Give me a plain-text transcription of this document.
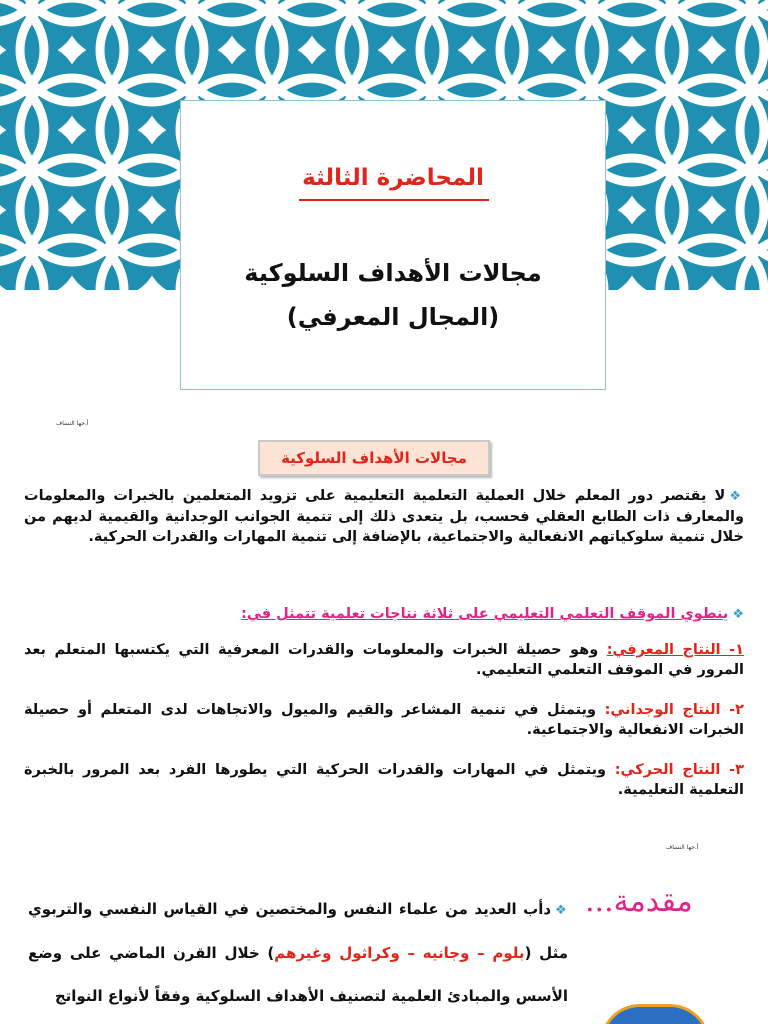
المحاضرة الثالثة
مجالات الأهداف السلوكية
(المجال المعرفي)
أ.جها النساف
مجالات الأهداف السلوكية
❖لا يقتصر دور المعلم خلال العملية التعلمية التعليمية على تزويد المتعلمين بالخبرات والمعلومات والمعارف ذات الطابع العقلي فحسب، بل يتعدى ذلك إلى تنمية الجوانب الوجدانية والقيمية لديهم من خلال تنمية سلوكياتهم الانفعالية والاجتماعية، بالإضافة إلى تنمية المهارات والقدرات الحركية.
❖ينطوي الموقف التعلمي التعليمي على ثلاثة نتاجات تعلمية تتمثل في:
١- النتاج المعرفي: وهو حصيلة الخبرات والمعلومات والقدرات المعرفية التي يكتسبها المتعلم بعد المرور في الموقف التعلمي التعليمي.
٢- النتاج الوجداني: ويتمثل في تنمية المشاعر والقيم والميول والاتجاهات لدى المتعلم أو حصيلة الخبرات الانفعالية والاجتماعية.
٣- النتاج الحركي: ويتمثل في المهارات والقدرات الحركية التي يطورها الفرد بعد المرور بالخبرة التعلمية التعليمية.
أ.جها النساف
مقدمة...
❖دأب العديد من علماء النفس والمختصين في القياس النفسي والتربوي مثل (بلوم – وجانيه – وكراثول وغيرهم) خلال القرن الماضي على وضع الأسس والمبادئ العلمية لتصنيف الأهداف السلوكية وفقاً لأنواع النواتج
